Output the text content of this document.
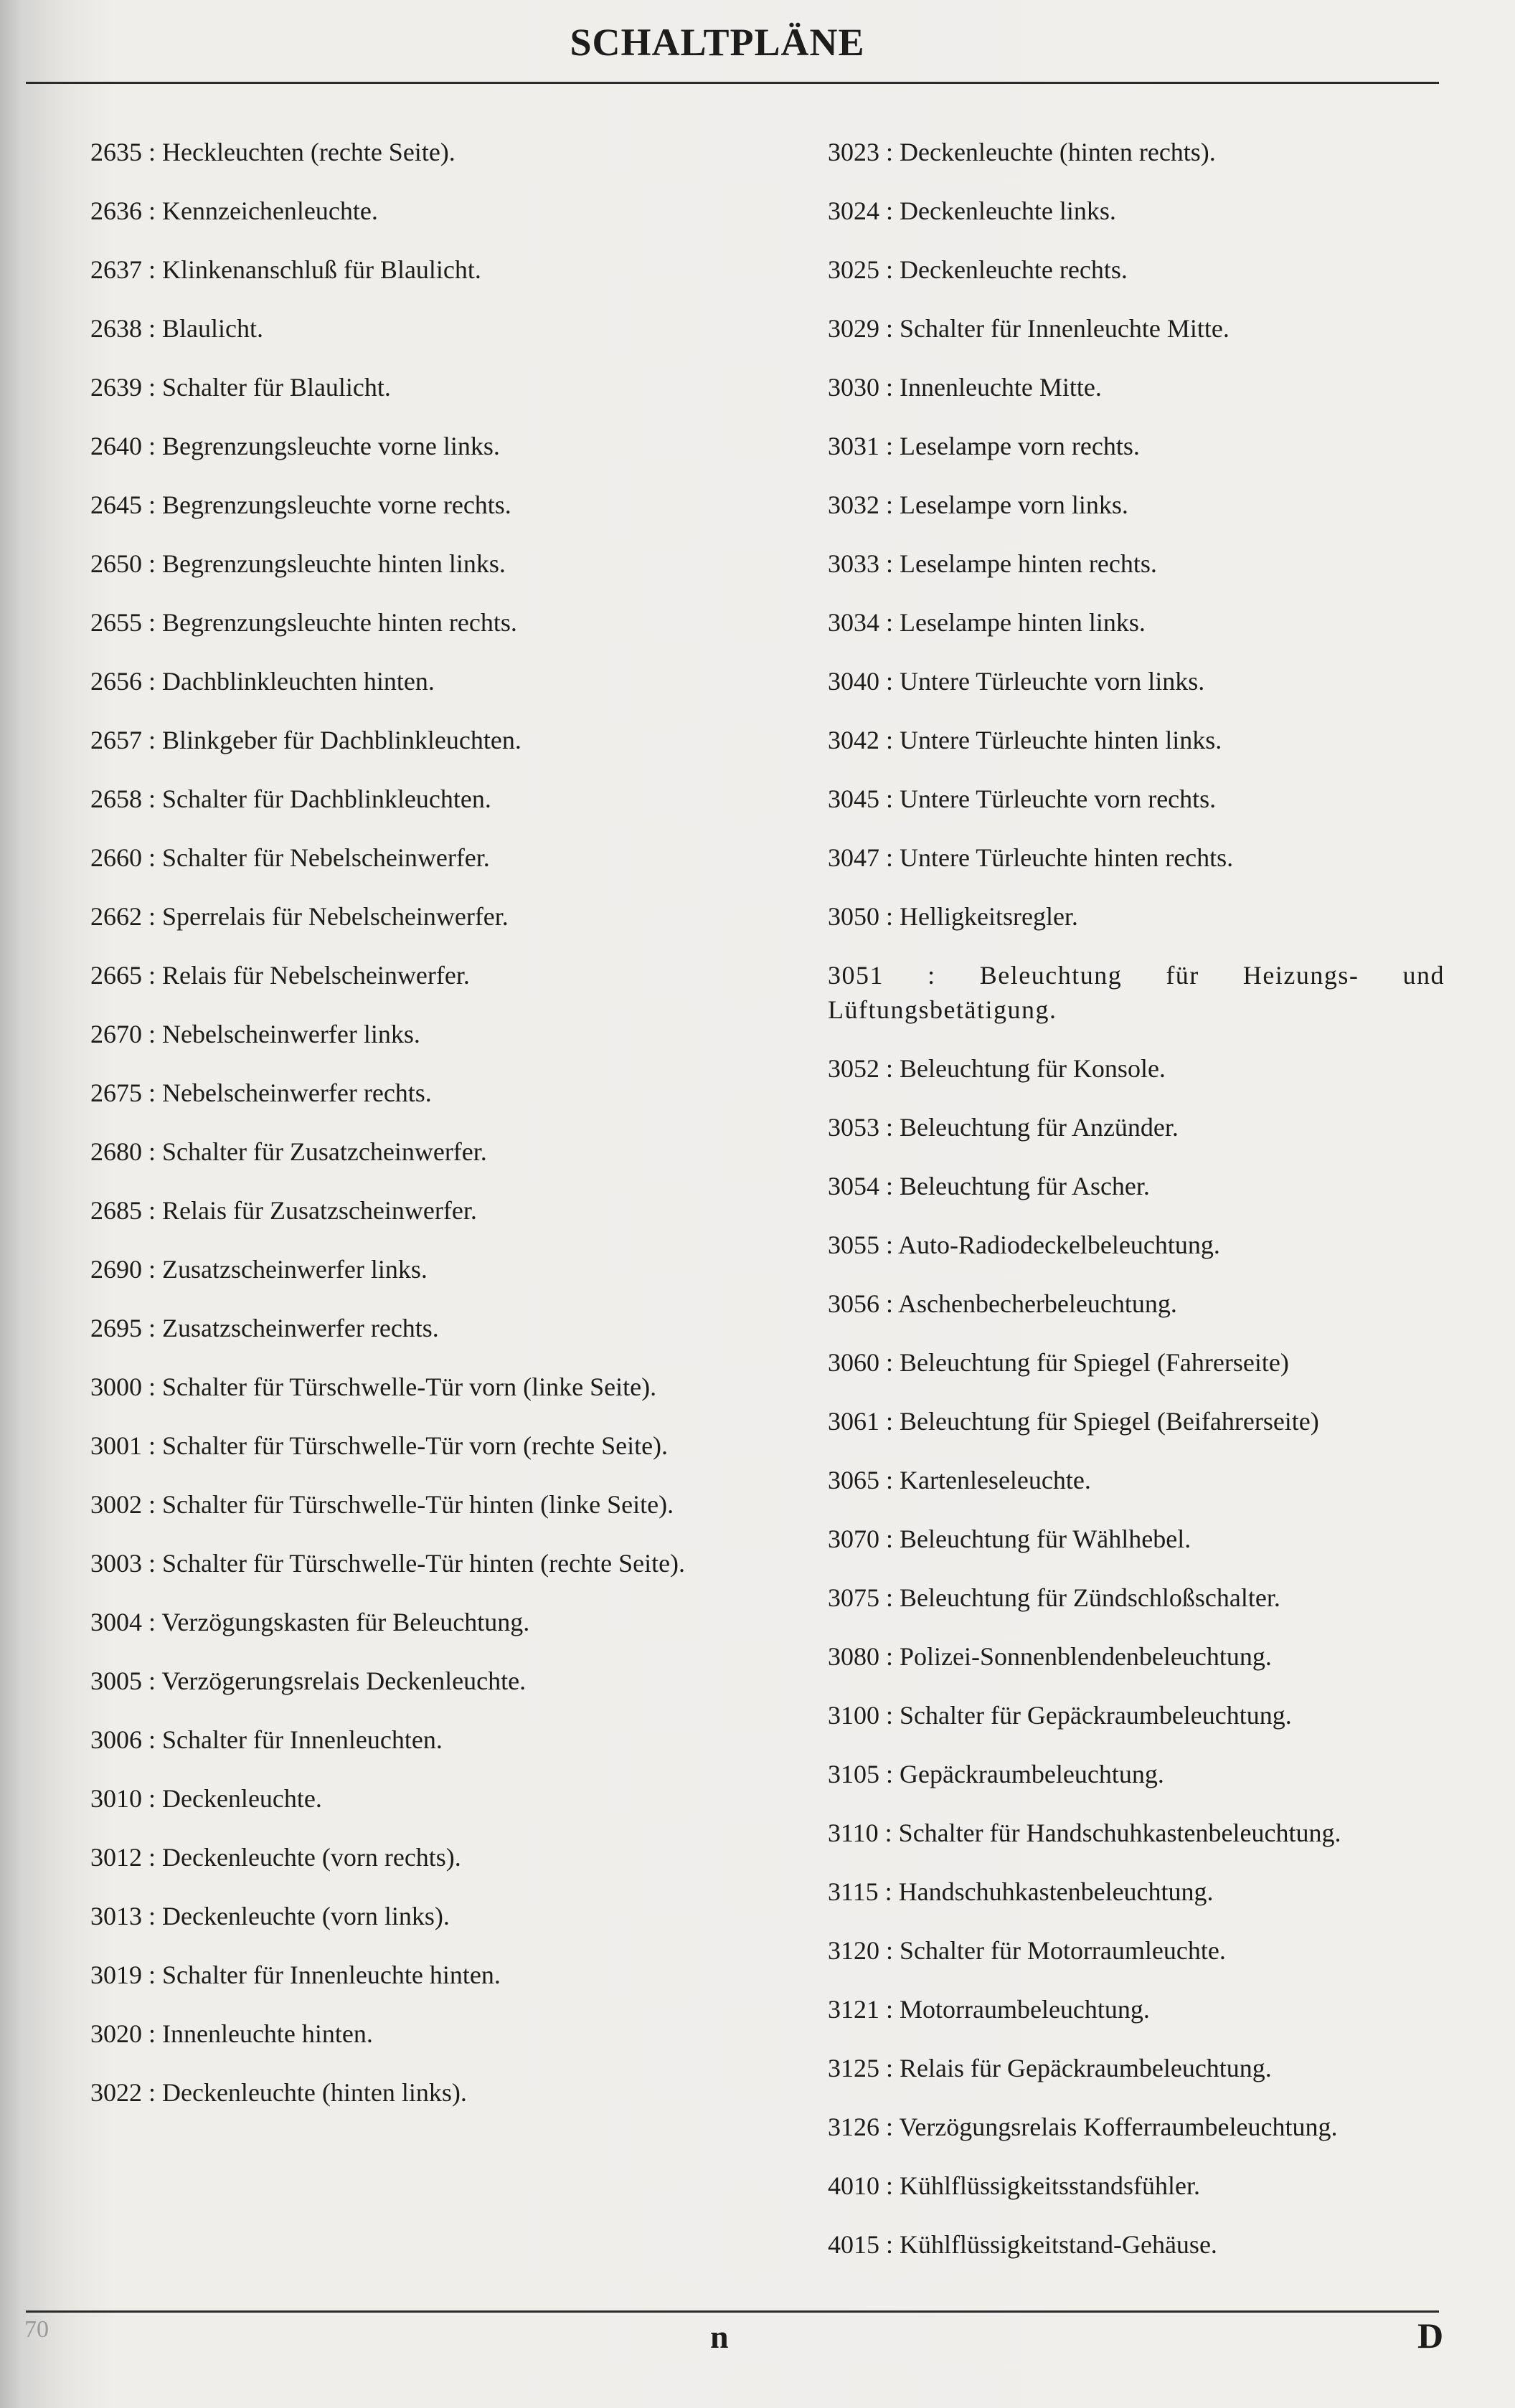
SCHALTPLÄNE

2635 : Heckleuchten (rechte Seite).

2636 : Kennzeichenleuchte.

2637 : Klinkenanschluß für Blaulicht.

2638 : Blaulicht.

2639 : Schalter für Blaulicht.

2640 : Begrenzungsleuchte vorne links.

2645 : Begrenzungsleuchte vorne rechts.

2650 : Begrenzungsleuchte hinten links.

2655 : Begrenzungsleuchte hinten rechts.

2656 : Dachblinkleuchten hinten.

2657 : Blinkgeber für Dachblinkleuchten.

2658 : Schalter für Dachblinkleuchten.

2660 : Schalter für Nebelscheinwerfer.

2662 : Sperrelais für Nebelscheinwerfer.

2665 : Relais für Nebelscheinwerfer.

2670 : Nebelscheinwerfer links.

2675 : Nebelscheinwerfer rechts.

2680 : Schalter für Zusatzcheinwerfer.

2685 : Relais für Zusatzscheinwerfer.

2690 : Zusatzscheinwerfer links.

2695 : Zusatzscheinwerfer rechts.

3000 : Schalter für Türschwelle-Tür vorn (linke Seite).

3001 : Schalter für Türschwelle-Tür vorn (rechte Seite).

3002 : Schalter für Türschwelle-Tür hinten (linke Seite).

3003 : Schalter für Türschwelle-Tür hinten (rechte Seite).

3004 : Verzögungskasten für Beleuchtung.

3005 : Verzögerungsrelais Deckenleuchte.

3006 : Schalter für Innenleuchten.

3010 : Deckenleuchte.

3012 : Deckenleuchte (vorn rechts).

3013 : Deckenleuchte (vorn links).

3019 : Schalter für Innenleuchte hinten.

3020 : Innenleuchte hinten.

3022 : Deckenleuchte (hinten links).

3023 : Deckenleuchte (hinten rechts).

3024 : Deckenleuchte links.

3025 : Deckenleuchte rechts.

3029 : Schalter für Innenleuchte Mitte.

3030 : Innenleuchte Mitte.

3031 : Leselampe vorn rechts.

3032 : Leselampe vorn links.

3033 : Leselampe hinten rechts.

3034 : Leselampe hinten links.

3040 : Untere Türleuchte vorn links.

3042 : Untere Türleuchte hinten links.

3045 : Untere Türleuchte vorn rechts.

3047 : Untere Türleuchte hinten rechts.

3050 : Helligkeitsregler.

3051 : Beleuchtung für Heizungs- und Lüftungsbetätigung.

3052 : Beleuchtung für Konsole.

3053 : Beleuchtung für Anzünder.

3054 : Beleuchtung für Ascher.

3055 : Auto-Radiodeckelbeleuchtung.

3056 : Aschenbecherbeleuchtung.

3060 : Beleuchtung für Spiegel (Fahrerseite)

3061 : Beleuchtung für Spiegel (Beifahrerseite)

3065 : Kartenleseleuchte.

3070 : Beleuchtung für Wählhebel.

3075 : Beleuchtung für Zündschloßschalter.

3080 : Polizei-Sonnenblendenbeleuchtung.

3100 : Schalter für Gepäckraumbeleuchtung.

3105 : Gepäckraumbeleuchtung.

3110 : Schalter für Handschuhkastenbeleuchtung.

3115 : Handschuhkastenbeleuchtung.

3120 : Schalter für Motorraumleuchte.

3121 : Motorraumbeleuchtung.

3125 : Relais für Gepäckraumbeleuchtung.

3126 : Verzögungsrelais Kofferraumbeleuchtung.

4010 : Kühlflüssigkeitsstandsfühler.

4015 : Kühlflüssigkeitstand-Gehäuse.

70	n	D
